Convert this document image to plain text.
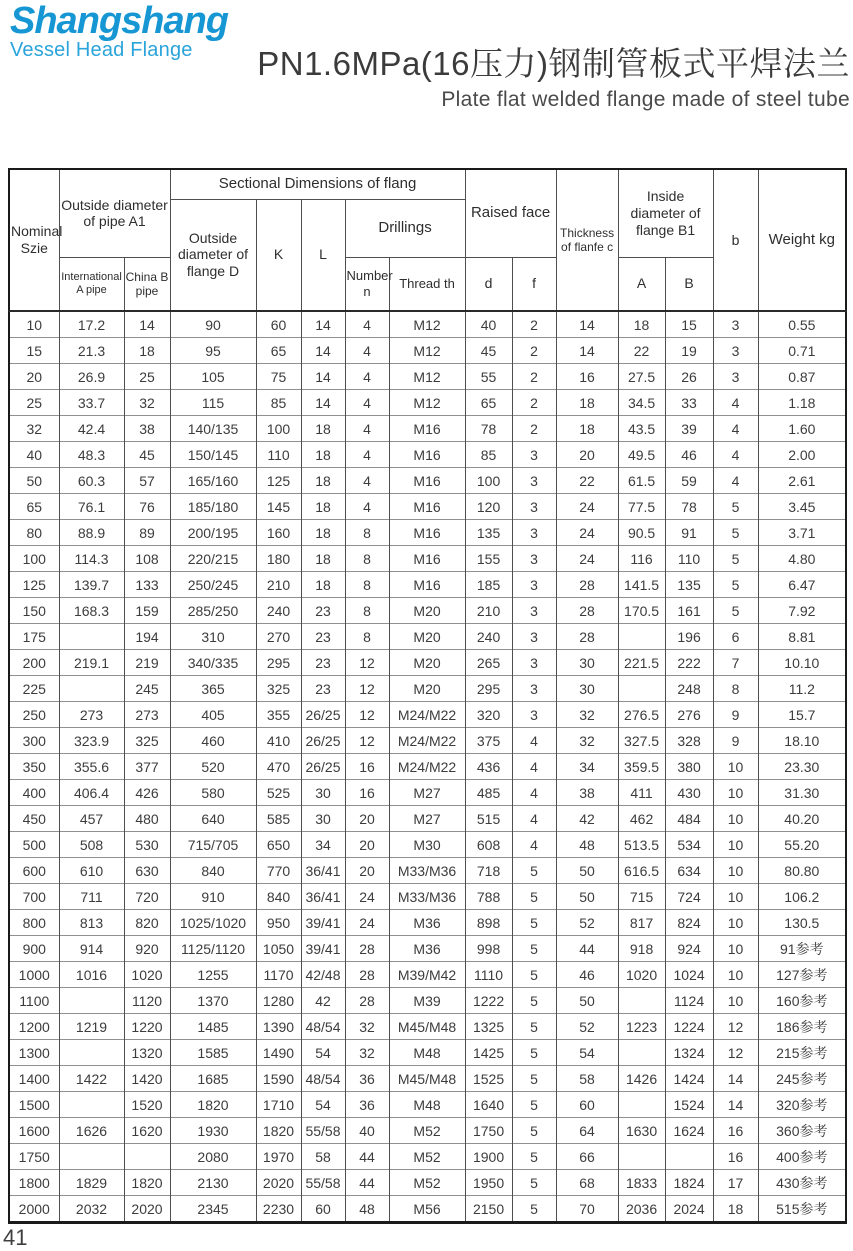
Shangshang
Vessel Head Flange	PN1.6MPa(16压力)钢制管板式平焊法兰
Plate flat welded flange made of steel tube
Nominal Szie	Outside diameter of pipe A1		Sectional Dimensions of flang					Raised face		Thickness of flanfe c	Inside diameter of flange B1		b	Weight kg
			Outside diameter of flange D	K	L	Drillings								
	International A pipe	China B pipe				Number n	Thread th	d	f		A	B		
10	17.2	14	90	60	14	4	M12	40	2	14	18	15	3	0.55
15	21.3	18	95	65	14	4	M12	45	2	14	22	19	3	0.71
20	26.9	25	105	75	14	4	M12	55	2	16	27.5	26	3	0.87
25	33.7	32	115	85	14	4	M12	65	2	18	34.5	33	4	1.18
32	42.4	38	140/135	100	18	4	M16	78	2	18	43.5	39	4	1.60
40	48.3	45	150/145	110	18	4	M16	85	3	20	49.5	46	4	2.00
50	60.3	57	165/160	125	18	4	M16	100	3	22	61.5	59	4	2.61
65	76.1	76	185/180	145	18	4	M16	120	3	24	77.5	78	5	3.45
80	88.9	89	200/195	160	18	8	M16	135	3	24	90.5	91	5	3.71
100	114.3	108	220/215	180	18	8	M16	155	3	24	116	110	5	4.80
125	139.7	133	250/245	210	18	8	M16	185	3	28	141.5	135	5	6.47
150	168.3	159	285/250	240	23	8	M20	210	3	28	170.5	161	5	7.92
175		194	310	270	23	8	M20	240	3	28		196	6	8.81
200	219.1	219	340/335	295	23	12	M20	265	3	30	221.5	222	7	10.10
225		245	365	325	23	12	M20	295	3	30		248	8	11.2
250	273	273	405	355	26/25	12	M24/M22	320	3	32	276.5	276	9	15.7
300	323.9	325	460	410	26/25	12	M24/M22	375	4	32	327.5	328	9	18.10
350	355.6	377	520	470	26/25	16	M24/M22	436	4	34	359.5	380	10	23.30
400	406.4	426	580	525	30	16	M27	485	4	38	411	430	10	31.30
450	457	480	640	585	30	20	M27	515	4	42	462	484	10	40.20
500	508	530	715/705	650	34	20	M30	608	4	48	513.5	534	10	55.20
600	610	630	840	770	36/41	20	M33/M36	718	5	50	616.5	634	10	80.80
700	711	720	910	840	36/41	24	M33/M36	788	5	50	715	724	10	106.2
800	813	820	1025/1020	950	39/41	24	M36	898	5	52	817	824	10	130.5
900	914	920	1125/1120	1050	39/41	28	M36	998	5	44	918	924	10	91参考
1000	1016	1020	1255	1170	42/48	28	M39/M42	1110	5	46	1020	1024	10	127参考
1100		1120	1370	1280	42	28	M39	1222	5	50		1124	10	160参考
1200	1219	1220	1485	1390	48/54	32	M45/M48	1325	5	52	1223	1224	12	186参考
1300		1320	1585	1490	54	32	M48	1425	5	54		1324	12	215参考
1400	1422	1420	1685	1590	48/54	36	M45/M48	1525	5	58	1426	1424	14	245参考
1500		1520	1820	1710	54	36	M48	1640	5	60		1524	14	320参考
1600	1626	1620	1930	1820	55/58	40	M52	1750	5	64	1630	1624	16	360参考
1750			2080	1970	58	44	M52	1900	5	66			16	400参考
1800	1829	1820	2130	2020	55/58	44	M52	1950	5	68	1833	1824	17	430参考
2000	2032	2020	2345	2230	60	48	M56	2150	5	70	2036	2024	18	515参考
41
